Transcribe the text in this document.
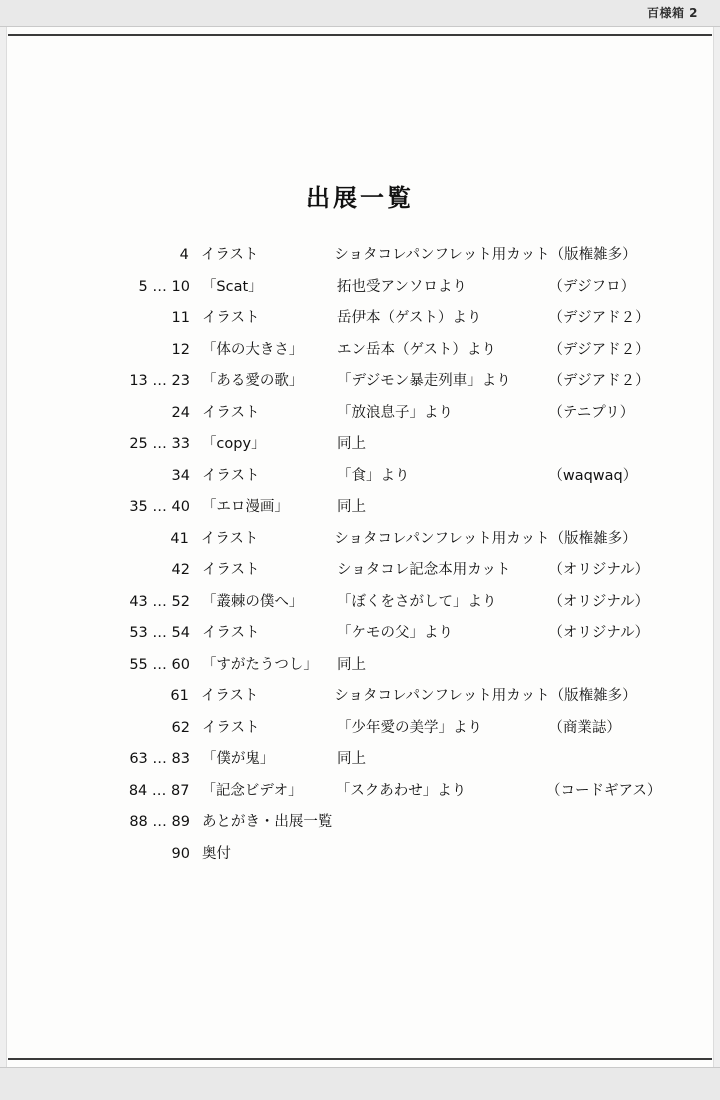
百様箱 2
出展一覧
4 イラスト	ショタコレパンフレット用カット （版権雑多）
5 … 10 「Scat」	拓也受アンソロより	（デジフロ）
11 イラスト	岳伊本（ゲスト）より	（デジアド２）
12 「体の大きさ」	エン岳本（ゲスト）より	（デジアド２）
13 … 23 「ある愛の歌」	「デジモン暴走列車」より	（デジアド２）
24 イラスト	「放浪息子」より	（テニプリ）
25 … 33 「copy」	同上
34 イラスト	「食」より	（waqwaq）
35 … 40 「エロ漫画」	同上
41 イラスト	ショタコレパンフレット用カット （版権雑多）
42 イラスト	ショタコレ記念本用カット	（オリジナル）
43 … 52 「叢棘の僕へ」	「ぼくをさがして」より	（オリジナル）
53 … 54 イラスト	「ケモの父」より	（オリジナル）
55 … 60 「すがたうつし」	同上
61 イラスト	ショタコレパンフレット用カット （版権雑多）
62 イラスト	「少年愛の美学」より	（商業誌）
63 … 83 「僕が鬼」	同上
84 … 87 「記念ビデオ」	「スクあわせ」より	（コードギアス）
88 … 89 あとがき・出展一覧
90 奥付
